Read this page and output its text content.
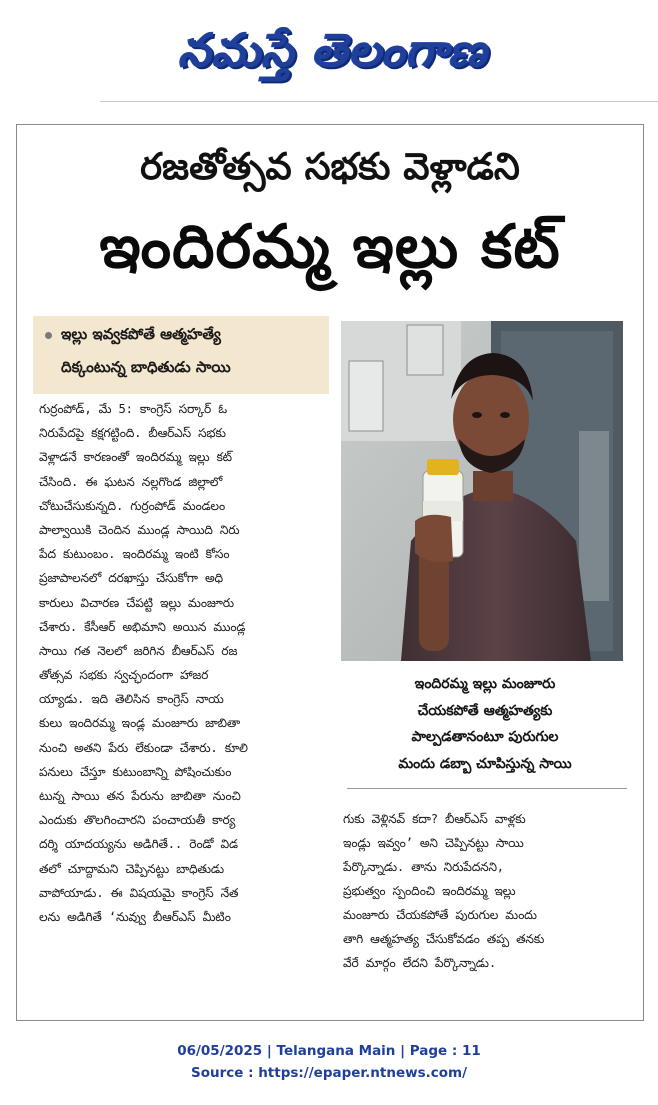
నమస్తే తెలంగాణ
రజతోత్సవ సభకు వెళ్లాడని
ఇందిరమ్మ ఇల్లు కట్
ఇల్లు ఇవ్వకపోతే ఆత్మహత్యే
దిక్కంటున్న బాధితుడు సాయి
గుర్రంపోడ్, మే 5: కాంగ్రెస్ సర్కార్ ఓ
నిరుపేదపై కక్షగట్టింది. బీఆర్ఎస్ సభకు
వెళ్లాడనే కారణంతో ఇందిరమ్మ ఇల్లు కట్
చేసింది. ఈ ఘటన నల్లగొండ జిల్లాలో
చోటుచేసుకున్నది. గుర్రంపోడ్ మండలం
పాల్వాయికి చెందిన ముండ్ల సాయిది నిరు
పేద కుటుంబం. ఇందిరమ్మ ఇంటి కోసం
ప్రజాపాలనలో దరఖాస్తు చేసుకోగా అధి
కారులు విచారణ చేపట్టి ఇల్లు మంజూరు
చేశారు. కేసీఆర్ అభిమాని అయిన ముండ్ల
సాయి గత నెలలో జరిగిన బీఆర్ఎస్ రజ
తోత్సవ సభకు స్వచ్ఛందంగా హాజర
య్యాడు. ఇది తెలిసిన కాంగ్రెస్ నాయ
కులు ఇందిరమ్మ ఇండ్ల మంజూరు జాబితా
నుంచి అతని పేరు లేకుండా చేశారు. కూలి
పనులు చేస్తూ కుటుంబాన్ని పోషించుకుం
టున్న సాయి తన పేరును జాబితా నుంచి
ఎందుకు తొలగించారని పంచాయతీ కార్య
దర్శి యాదయ్యను అడిగితే.. రెండో విడ
తలో చూద్దామని చెప్పినట్టు బాధితుడు
వాపోయాడు. ఈ విషయమై కాంగ్రెస్ నేత
లను అడిగితే ‘నువ్వు బీఆర్ఎస్ మీటిం
ఇందిరమ్మ ఇల్లు మంజూరు
చేయకపోతే ఆత్మహత్యకు
పాల్పడతానంటూ పురుగుల
మందు డబ్బా చూపిస్తున్న సాయి
గుకు వెళ్లినవ్ కదా? బీఆర్ఎస్ వాళ్లకు
ఇండ్లు ఇవ్వం’ అని చెప్పినట్టు సాయి
పేర్కొన్నాడు. తాను నిరుపేదనని,
ప్రభుత్వం స్పందించి ఇందిరమ్మ ఇల్లు
మంజూరు చేయకపోతే పురుగుల మందు
తాగి ఆత్మహత్య చేసుకోవడం తప్ప తనకు
వేరే మార్గం లేదని పేర్కొన్నాడు.
06/05/2025 | Telangana Main | Page : 11
Source : https://epaper.ntnews.com/
